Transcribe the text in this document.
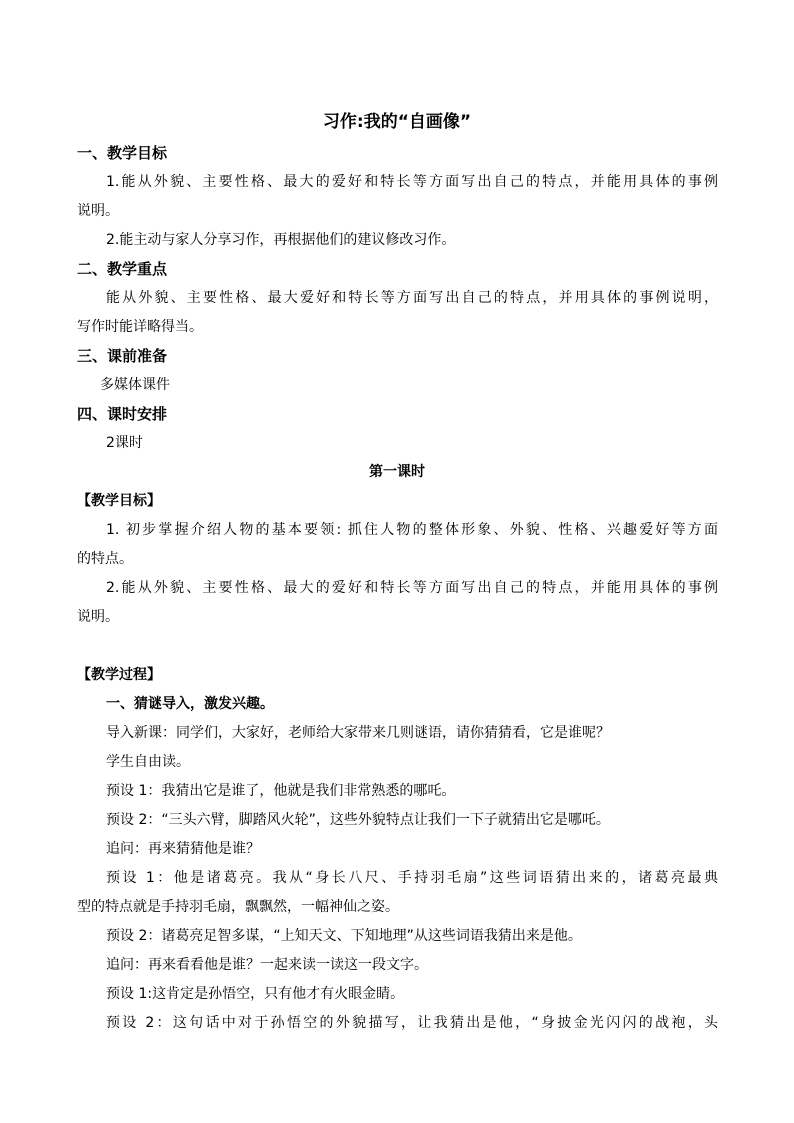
习作:我的“自画像”
一、教学目标
1.能从外貌、主要性格、最大的爱好和特长等方面写出自己的特点，并能用具体的事例
说明。
2.能主动与家人分享习作，再根据他们的建议修改习作。
二、教学重点
能从外貌、主要性格、最大爱好和特长等方面写出自己的特点，并用具体的事例说明，
写作时能详略得当。
三、课前准备
多媒体课件
四、课时安排
2课时
第一课时
【教学目标】
1. 初步掌握介绍人物的基本要领: 抓住人物的整体形象、外貌、性格、兴趣爱好等方面
的特点。
2.能从外貌、主要性格、最大的爱好和特长等方面写出自己的特点，并能用具体的事例
说明。
【教学过程】
一、猜谜导入，激发兴趣。
导入新课：同学们，大家好，老师给大家带来几则谜语，请你猜猜看，它是谁呢？
学生自由读。
预设 1：我猜出它是谁了，他就是我们非常熟悉的哪吒。
预设 2：“三头六臂，脚踏风火轮”，这些外貌特点让我们一下子就猜出它是哪吒。
追问：再来猜猜他是谁？
预设 1：他是诸葛亮。我从“身长八尺、手持羽毛扇”这些词语猜出来的，诸葛亮最典
型的特点就是手持羽毛扇，飘飘然，一幅神仙之姿。
预设 2：诸葛亮足智多谋，“上知天文、下知地理”从这些词语我猜出来是他。
追问：再来看看他是谁？一起来读一读这一段文字。
预设 1:这肯定是孙悟空，只有他才有火眼金睛。
预设 2：这句话中对于孙悟空的外貌描写，让我猜出是他，“身披金光闪闪的战袍，头
